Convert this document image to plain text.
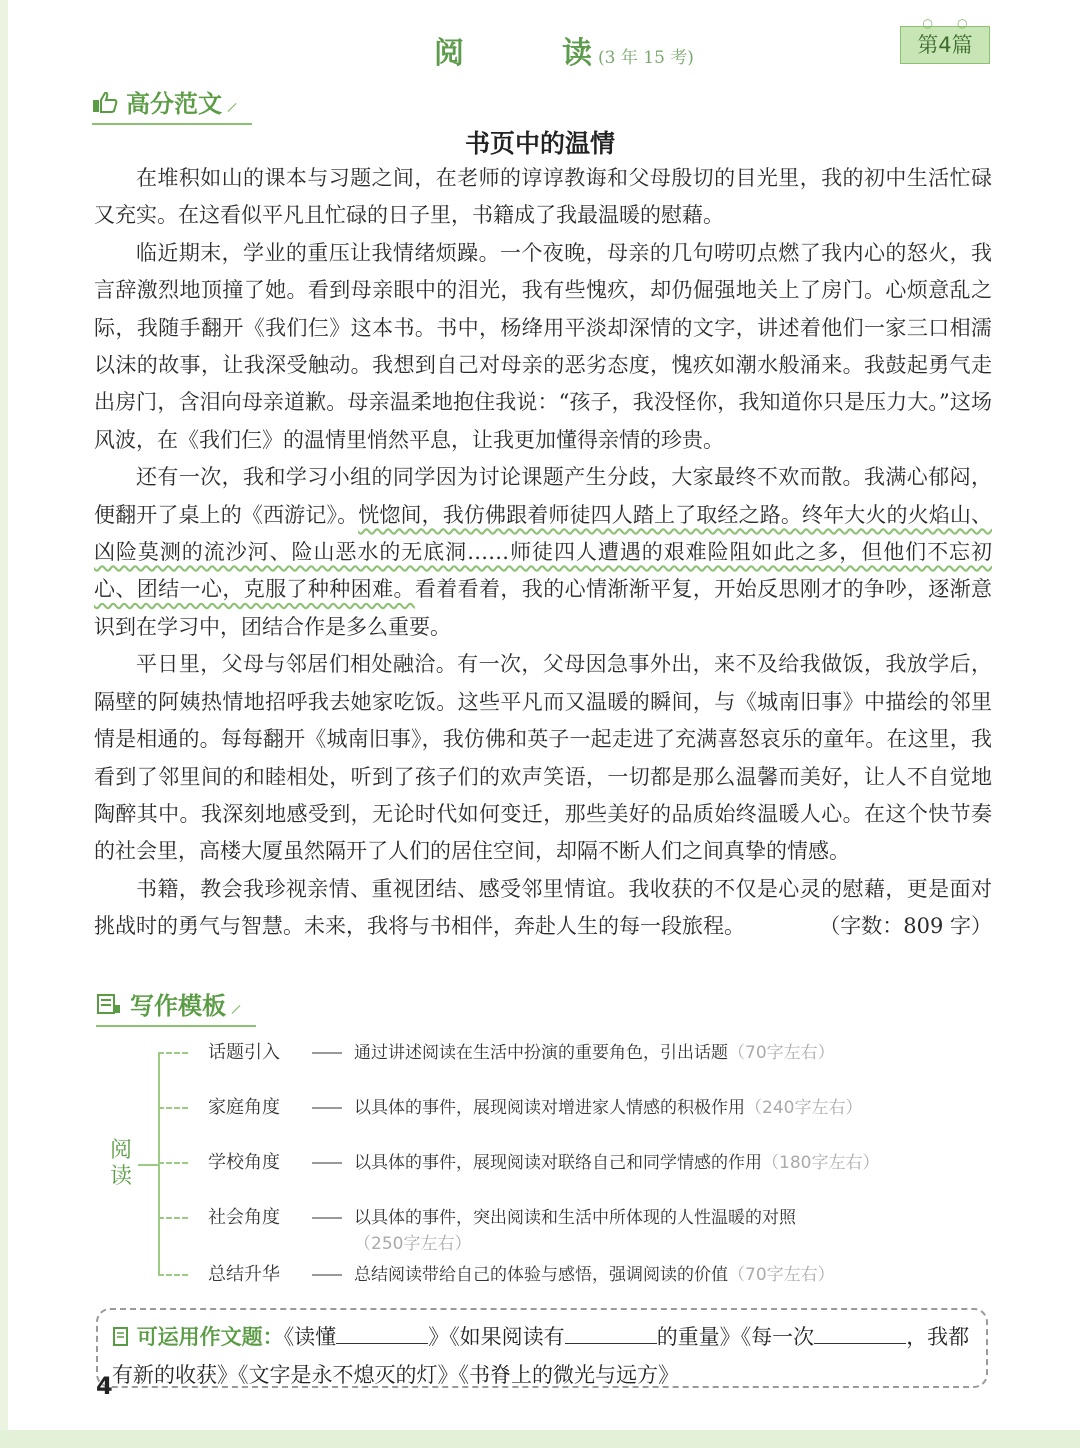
阅　读
(3 年 15 考)
○  ○
第4篇
高分范文 ⸝
书页中的温情

在堆积如山的课本与习题之间，在老师的谆谆教诲和父母殷切的目光里，我的初中生活忙碌又充实。在这看似平凡且忙碌的日子里，书籍成了我最温暖的慰藉。

临近期末，学业的重压让我情绪烦躁。一个夜晚，母亲的几句唠叨点燃了我内心的怒火，我言辞激烈地顶撞了她。看到母亲眼中的泪光，我有些愧疚，却仍倔强地关上了房门。心烦意乱之际，我随手翻开《我们仨》这本书。书中，杨绛用平淡却深情的文字，讲述着他们一家三口相濡以沫的故事，让我深受触动。我想到自己对母亲的恶劣态度，愧疚如潮水般涌来。我鼓起勇气走出房门，含泪向母亲道歉。母亲温柔地抱住我说：“孩子，我没怪你，我知道你只是压力大。”这场风波，在《我们仨》的温情里悄然平息，让我更加懂得亲情的珍贵。

还有一次，我和学习小组的同学因为讨论课题产生分歧，大家最终不欢而散。我满心郁闷，便翻开了桌上的《西游记》。恍惚间，我仿佛跟着师徒四人踏上了取经之路。终年大火的火焰山、凶险莫测的流沙河、险山恶水的无底洞……师徒四人遭遇的艰难险阻如此之多，但他们不忘初心、团结一心，克服了种种困难。看着看着，我的心情渐渐平复，开始反思刚才的争吵，逐渐意识到在学习中，团结合作是多么重要。

平日里，父母与邻居们相处融洽。有一次，父母因急事外出，来不及给我做饭，我放学后，隔壁的阿姨热情地招呼我去她家吃饭。这些平凡而又温暖的瞬间，与《城南旧事》中描绘的邻里情是相通的。每每翻开《城南旧事》，我仿佛和英子一起走进了充满喜怒哀乐的童年。在这里，我看到了邻里间的和睦相处，听到了孩子们的欢声笑语，一切都是那么温馨而美好，让人不自觉地陶醉其中。我深刻地感受到，无论时代如何变迁，那些美好的品质始终温暖人心。在这个快节奏的社会里，高楼大厦虽然隔开了人们的居住空间，却隔不断人们之间真挚的情感。

书籍，教会我珍视亲情、重视团结、感受邻里情谊。我收获的不仅是心灵的慰藉，更是面对挑战时的勇气与智慧。未来，我将与书相伴，奔赴人生的每一段旅程。	（字数：809 字）

写作模板 ⸝
阅读
话题引入	通过讲述阅读在生活中扮演的重要角色，引出话题（70字左右）
家庭角度	以具体的事件，展现阅读对增进家人情感的积极作用（240字左右）
学校角度	以具体的事件，展现阅读对联络自己和同学情感的作用（180字左右）
社会角度	以具体的事件，突出阅读和生活中所体现的人性温暖的对照
（250字左右）
总结升华	总结阅读带给自己的体验与感悟，强调阅读的价值（70字左右）
可运用作文题：《读懂	》《如果阅读有	的重量》《每一次	，我都有新的收获》《文字是永不熄灭的灯》《书脊上的微光与远方》
4
